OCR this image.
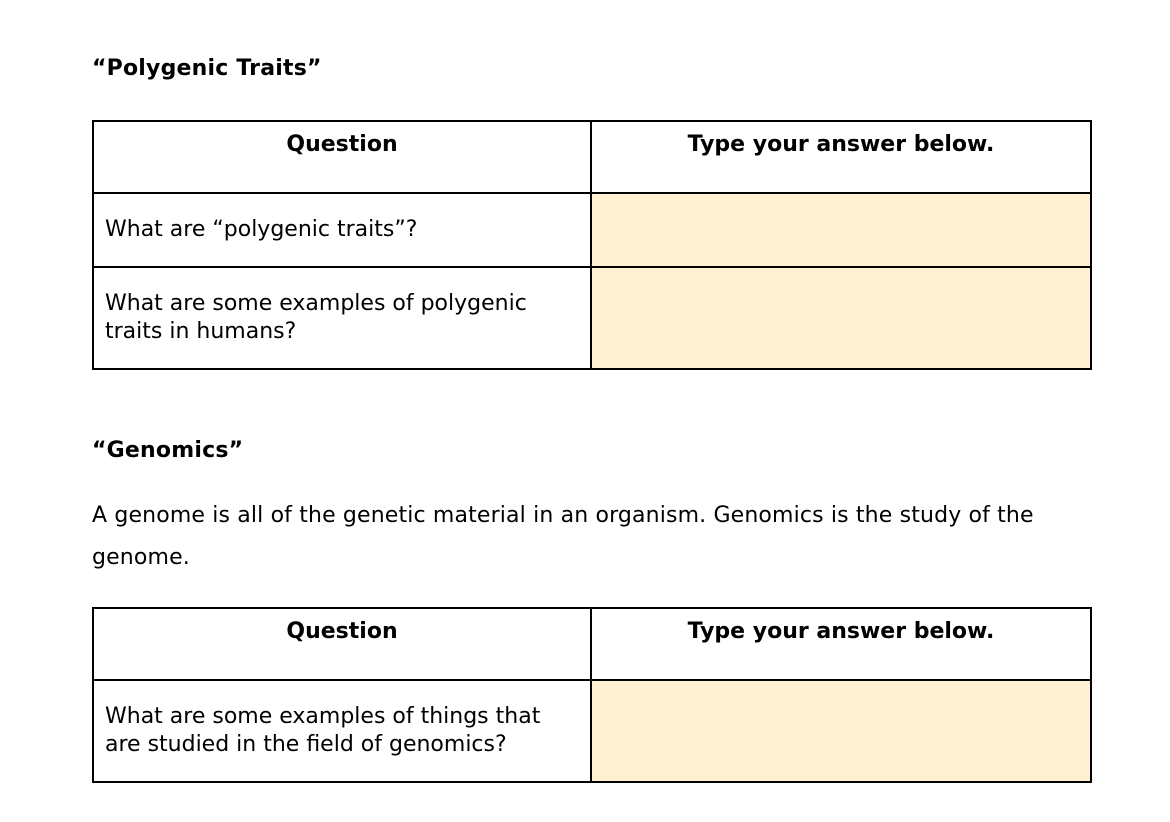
“Polygenic Traits”
Question	Type your answer below.
What are “polygenic traits”?	
What are some examples of polygenic traits in humans?	
“Genomics”

A genome is all of the genetic material in an organism. Genomics is the study of the genome.

Question	Type your answer below.
What are some examples of things that are studied in the field of genomics?	
